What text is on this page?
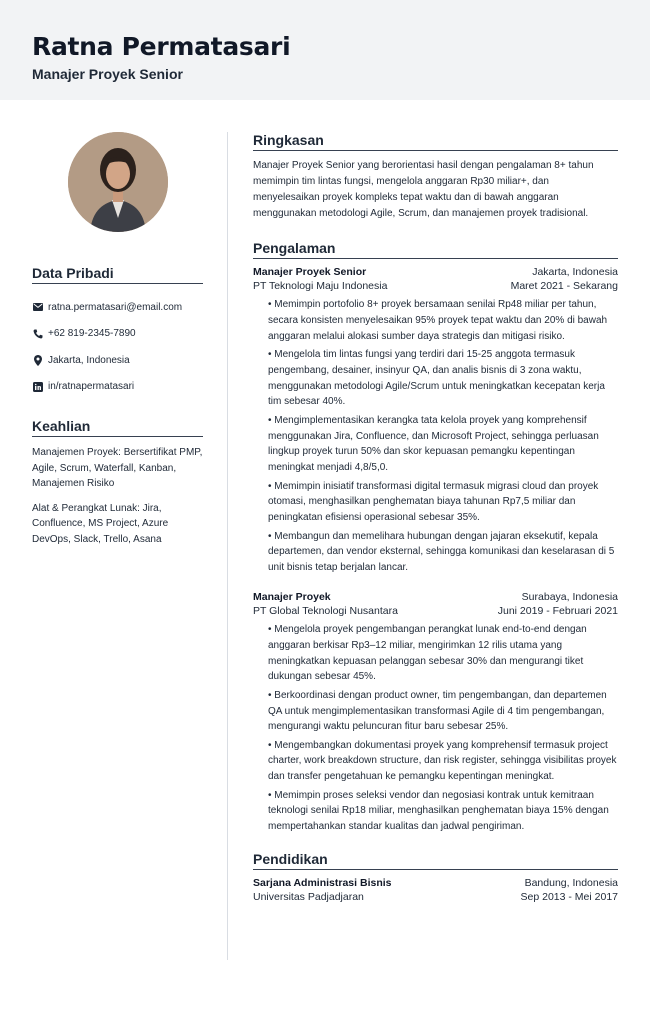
Ratna Permatasari
Manajer Proyek Senior
Data Pribadi
ratna.permatasari@email.com
+62 819-2345-7890
Jakarta, Indonesia
in/ratnapermatasari
Keahlian
Manajemen Proyek: Bersertifikat PMP, Agile, Scrum, Waterfall, Kanban, Manajemen Risiko
Alat & Perangkat Lunak: Jira, Confluence, MS Project, Azure DevOps, Slack, Trello, Asana
Ringkasan

Manajer Proyek Senior yang berorientasi hasil dengan pengalaman 8+ tahun memimpin tim lintas fungsi, mengelola anggaran Rp30 miliar+, dan menyelesaikan proyek kompleks tepat waktu dan di bawah anggaran menggunakan metodologi Agile, Scrum, dan manajemen proyek tradisional.

Pengalaman
Manajer Proyek Senior	Jakarta, Indonesia
PT Teknologi Maju Indonesia	Maret 2021 - Sekarang
• Memimpin portofolio 8+ proyek bersamaan senilai Rp48 miliar per tahun, secara konsisten menyelesaikan 95% proyek tepat waktu dan 20% di bawah anggaran melalui alokasi sumber daya strategis dan mitigasi risiko.
• Mengelola tim lintas fungsi yang terdiri dari 15-25 anggota termasuk pengembang, desainer, insinyur QA, dan analis bisnis di 3 zona waktu, menggunakan metodologi Agile/Scrum untuk meningkatkan kecepatan kerja tim sebesar 40%.
• Mengimplementasikan kerangka tata kelola proyek yang komprehensif menggunakan Jira, Confluence, dan Microsoft Project, sehingga perluasan lingkup proyek turun 50% dan skor kepuasan pemangku kepentingan meningkat menjadi 4,8/5,0.
• Memimpin inisiatif transformasi digital termasuk migrasi cloud dan proyek otomasi, menghasilkan penghematan biaya tahunan Rp7,5 miliar dan peningkatan efisiensi operasional sebesar 35%.
• Membangun dan memelihara hubungan dengan jajaran eksekutif, kepala departemen, dan vendor eksternal, sehingga komunikasi dan keselarasan di 5 unit bisnis tetap berjalan lancar.
Manajer Proyek	Surabaya, Indonesia
PT Global Teknologi Nusantara	Juni 2019 - Februari 2021
• Mengelola proyek pengembangan perangkat lunak end-to-end dengan anggaran berkisar Rp3–12 miliar, mengirimkan 12 rilis utama yang meningkatkan kepuasan pelanggan sebesar 30% dan mengurangi tiket dukungan sebesar 45%.
• Berkoordinasi dengan product owner, tim pengembangan, dan departemen QA untuk mengimplementasikan transformasi Agile di 4 tim pengembangan, mengurangi waktu peluncuran fitur baru sebesar 25%.
• Mengembangkan dokumentasi proyek yang komprehensif termasuk project charter, work breakdown structure, dan risk register, sehingga visibilitas proyek dan transfer pengetahuan ke pemangku kepentingan meningkat.
• Memimpin proses seleksi vendor dan negosiasi kontrak untuk kemitraan teknologi senilai Rp18 miliar, menghasilkan penghematan biaya 15% dengan mempertahankan standar kualitas dan jadwal pengiriman.
Pendidikan
Sarjana Administrasi Bisnis	Bandung, Indonesia
Universitas Padjadjaran	Sep 2013 - Mei 2017
